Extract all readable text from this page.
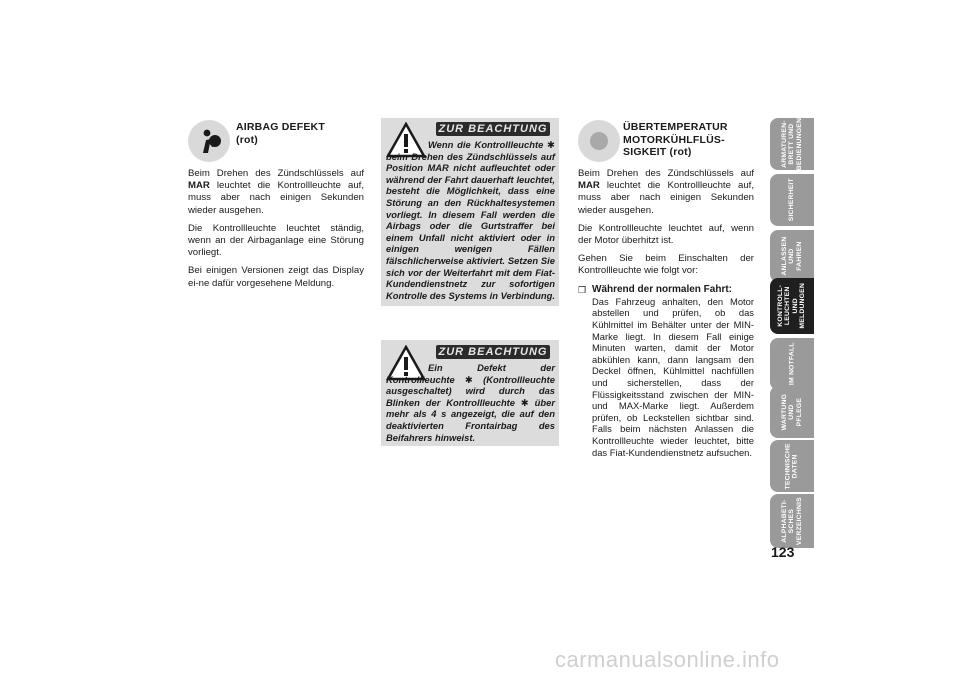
AIRBAG DEFEKT
(rot)

Beim Drehen des Zündschlüssels auf MAR leuchtet die Kontrollleuchte auf, muss aber nach einigen Sekunden wieder ausgehen.

Die Kontrollleuchte leuchtet ständig, wenn an der Airbaganlage eine Störung vorliegt.

Bei einigen Versionen zeigt das Display ei-ne dafür vorgesehene Meldung.

ZUR BEACHTUNG
Wenn die Kontrollleuchte ✱ beim Drehen des Zündschlüssels auf Position MAR nicht aufleuchtet oder während der Fahrt dauerhaft leuchtet, besteht die Möglichkeit, dass eine Störung an den Rückhaltesystemen vorliegt. In diesem Fall werden die Airbags oder die Gurtstraffer bei einem Unfall nicht aktiviert oder in einigen wenigen Fällen fälschlicherweise aktiviert. Setzen Sie sich vor der Weiterfahrt mit dem Fiat-Kundendienstnetz zur sofortigen Kontrolle des Systems in Verbindung.
ZUR BEACHTUNG
Ein Defekt der Kontrollleuchte ✱ (Kontrollleuchte ausgeschaltet) wird durch das Blinken der Kontrollleuchte ✱ über mehr als 4 s angezeigt, die auf den deaktivierten Frontairbag des Beifahrers hinweist.
ÜBERTEMPERATUR
MOTORKÜHLFLÜS-
SIGKEIT (rot)

Beim Drehen des Zündschlüssels auf MAR leuchtet die Kontrollleuchte auf, muss aber nach einigen Sekunden wieder ausgehen.

Die Kontrollleuchte leuchtet auf, wenn der Motor überhitzt ist.

Gehen Sie beim Einschalten der Kontrollleuchte wie folgt vor:

❒ Während der normalen Fahrt:
Das Fahrzeug anhalten, den Motor abstellen und prüfen, ob das Kühlmittel im Behälter unter der MIN-Marke liegt. In diesem Fall einige Minuten warten, damit der Motor abkühlen kann, dann langsam den Deckel öffnen, Kühlmittel nachfüllen und sicherstellen, dass der Flüssigkeitsstand zwischen der MIN- und MAX-Marke liegt. Außerdem prüfen, ob Leckstellen sichtbar sind. Falls beim nächsten Anlassen die Kontrollleuchte wieder leuchtet, bitte das Fiat-Kundendienstnetz aufsuchen.
ARMATUREN-
BRETT UND
BEDIENUNGEN
SICHERHEIT
ANLASSEN
UND FAHREN
KONTROLL-
LEUCHTEN UND
MELDUNGEN
IM NOTFALL
WARTUNG
UND PFLEGE
TECHNISCHE
DATEN
ALPHABETI-
SCHES
VERZEICHNIS
123
carmanualsonline.info
